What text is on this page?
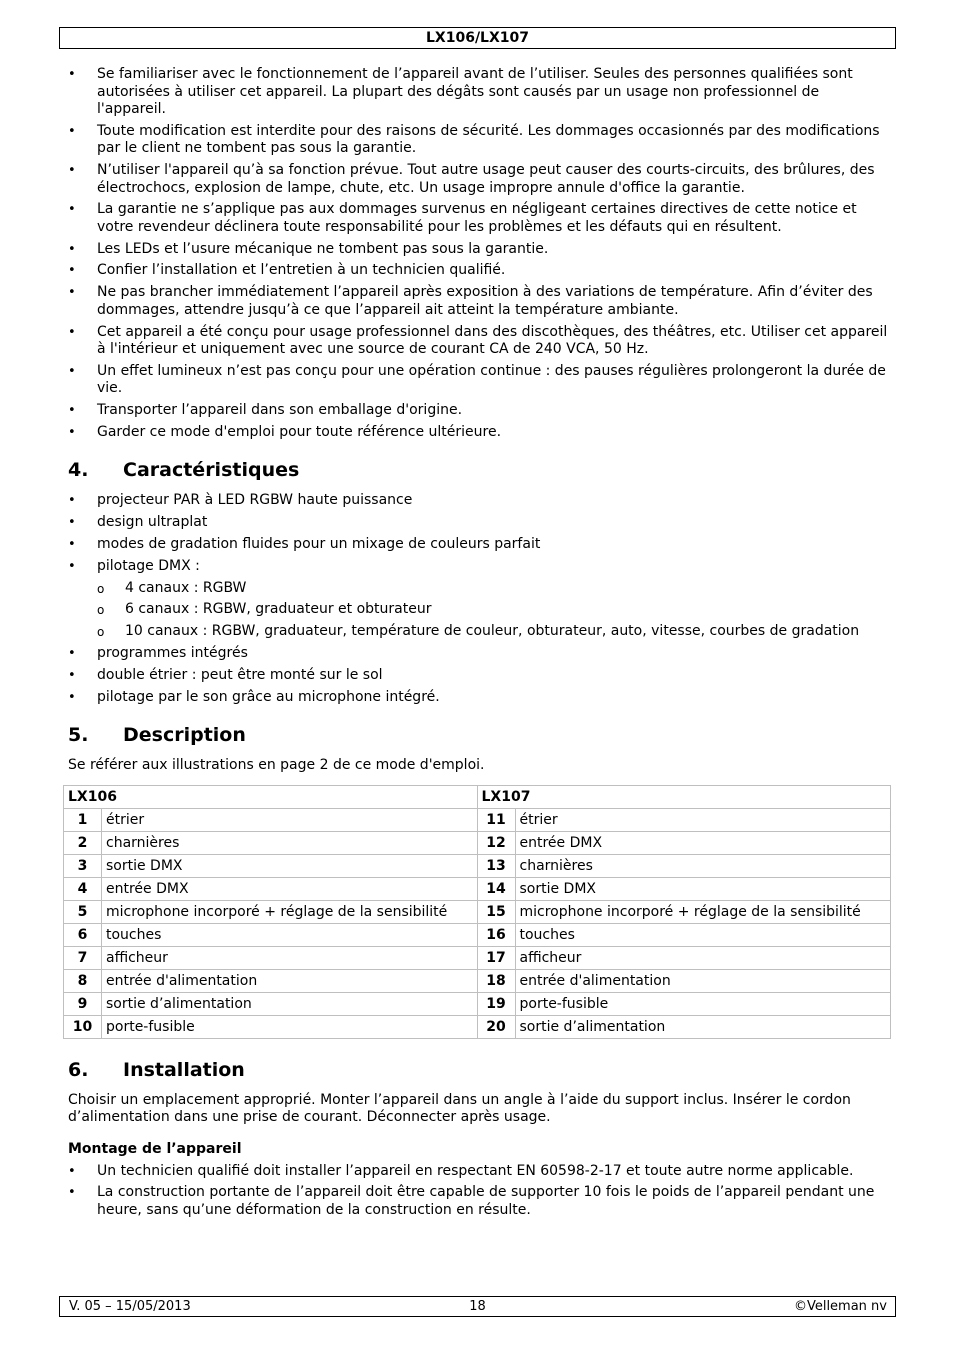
LX106/LX107
• Se familiariser avec le fonctionnement de l’appareil avant de l’utiliser. Seules des personnes qualifiées sont autorisées à utiliser cet appareil. La plupart des dégâts sont causés par un usage non professionnel de l'appareil.
• Toute modification est interdite pour des raisons de sécurité. Les dommages occasionnés par des modifications par le client ne tombent pas sous la garantie.
• N’utiliser l'appareil qu’à sa fonction prévue. Tout autre usage peut causer des courts-circuits, des brûlures, des électrochocs, explosion de lampe, chute, etc. Un usage impropre annule d'office la garantie.
• La garantie ne s’applique pas aux dommages survenus en négligeant certaines directives de cette notice et votre revendeur déclinera toute responsabilité pour les problèmes et les défauts qui en résultent.
• Les LEDs et l’usure mécanique ne tombent pas sous la garantie.
• Confier l’installation et l’entretien à un technicien qualifié.
• Ne pas brancher immédiatement l’appareil après exposition à des variations de température. Afin d’éviter des dommages, attendre jusqu’à ce que l’appareil ait atteint la température ambiante.
• Cet appareil a été conçu pour usage professionnel dans des discothèques, des théâtres, etc. Utiliser cet appareil à l'intérieur et uniquement avec une source de courant CA de 240 VCA, 50 Hz.
• Un effet lumineux n’est pas conçu pour une opération continue : des pauses régulières prolongeront la durée de vie.
• Transporter l’appareil dans son emballage d'origine.
• Garder ce mode d'emploi pour toute référence ultérieure.
4. Caractéristiques
• projecteur PAR à LED RGBW haute puissance
• design ultraplat
• modes de gradation fluides pour un mixage de couleurs parfait
• pilotage DMX :
o 4 canaux : RGBW
o 6 canaux : RGBW, graduateur et obturateur
o 10 canaux : RGBW, graduateur, température de couleur, obturateur, auto, vitesse, courbes de gradation
• programmes intégrés
• double étrier : peut être monté sur le sol
• pilotage par le son grâce au microphone intégré.
5. Description

Se référer aux illustrations en page 2 de ce mode d'emploi.

LX106		LX107	
1	étrier	11	étrier
2	charnières	12	entrée DMX
3	sortie DMX	13	charnières
4	entrée DMX	14	sortie DMX
5	microphone incorporé + réglage de la sensibilité	15	microphone incorporé + réglage de la sensibilité
6	touches	16	touches
7	afficheur	17	afficheur
8	entrée d'alimentation	18	entrée d'alimentation
9	sortie d’alimentation	19	porte-fusible
10	porte-fusible	20	sortie d’alimentation
6. Installation

Choisir un emplacement approprié. Monter l’appareil dans un angle à l’aide du support inclus. Insérer le cordon d’alimentation dans une prise de courant. Déconnecter après usage.

Montage de l’appareil
• Un technicien qualifié doit installer l’appareil en respectant EN 60598-2-17 et toute autre norme applicable.
• La construction portante de l’appareil doit être capable de supporter 10 fois le poids de l’appareil pendant une heure, sans qu’une déformation de la construction en résulte.
V. 05 – 15/05/2013	18	©Velleman nv
